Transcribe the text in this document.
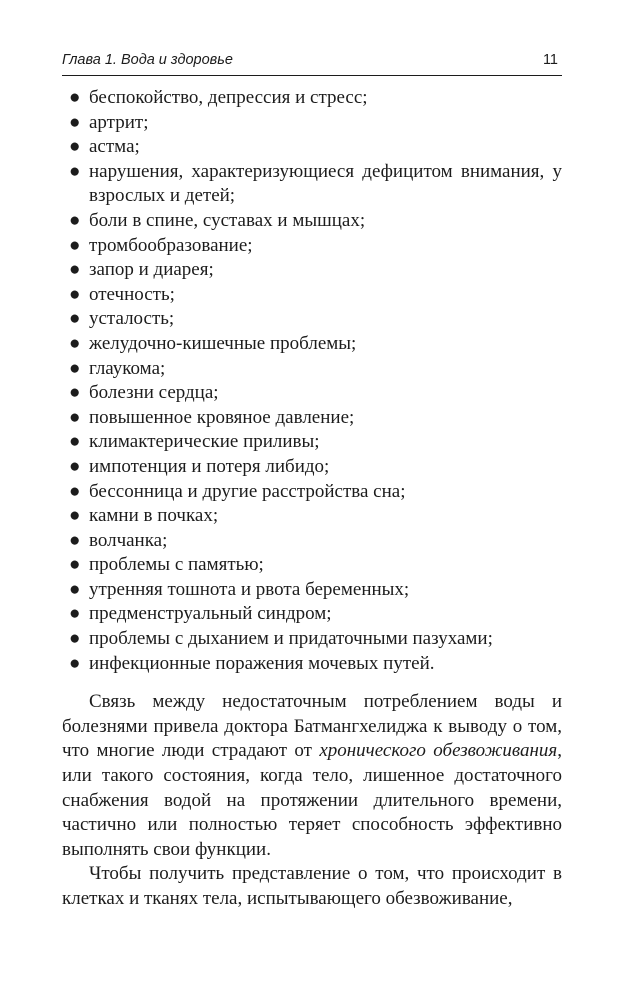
Глава 1. Вода и здоровье	11
● беспокойство, депрессия и стресс;
● артрит;
● астма;
● нарушения, характеризующиеся дефицитом внимания, у взрослых и детей;
● боли в спине, суставах и мышцах;
● тромбообразование;
● запор и диарея;
● отечность;
● усталость;
● желудочно-кишечные проблемы;
● глаукома;
● болезни сердца;
● повышенное кровяное давление;
● климактерические приливы;
● импотенция и потеря либидо;
● бессонница и другие расстройства сна;
● камни в почках;
● волчанка;
● проблемы с памятью;
● утренняя тошнота и рвота беременных;
● предменструальный синдром;
● проблемы с дыханием и придаточными пазухами;
● инфекционные поражения мочевых путей.

Связь между недостаточным потреблением воды и болезнями привела доктора Батмангхелиджа к выводу о том, что многие люди страдают от хронического обезвоживания, или такого состояния, когда тело, лишенное достаточного снабжения водой на протяжении длительного времени, частично или полностью теряет способность эффективно выполнять свои функции.

Чтобы получить представление о том, что происходит в клетках и тканях тела, испытывающего обезвоживание,
